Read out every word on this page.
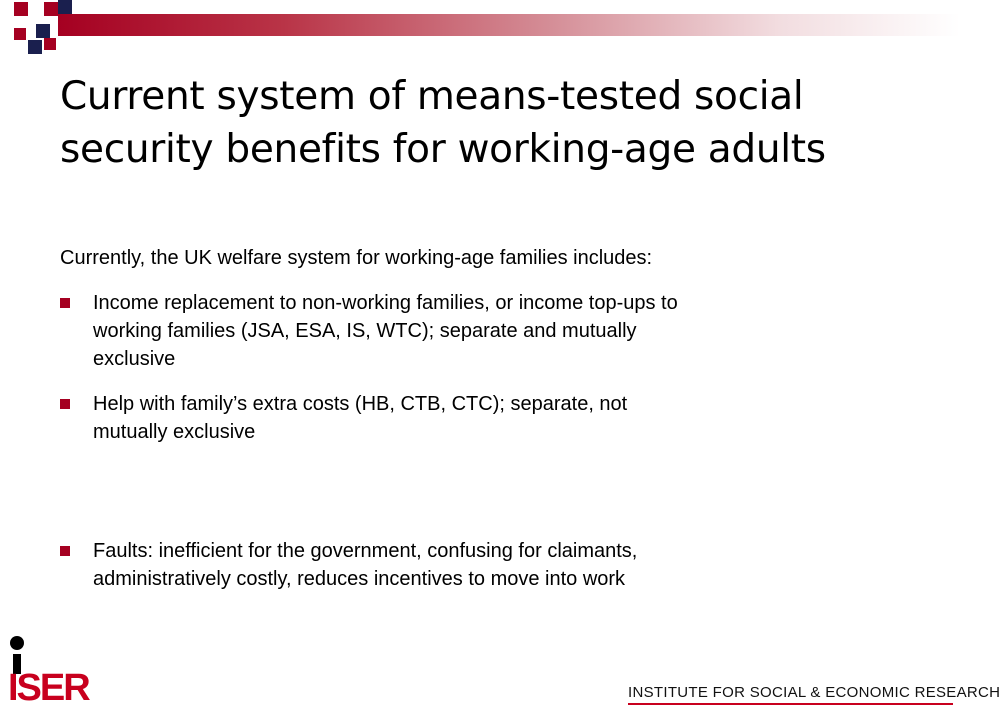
Current system of means-tested social
security benefits for working-age adults

Currently, the UK welfare system for working-age families includes:

Income replacement to non-working families, or income top-ups to
working families (JSA, ESA, IS, WTC); separate and mutually
exclusive
Help with family’s extra costs (HB, CTB, CTC); separate, not
mutually exclusive
Faults: inefficient for the government, confusing for claimants,
administratively costly, reduces incentives to move into work
ISER	INSTITUTE FOR SOCIAL & ECONOMIC RESEARCH
